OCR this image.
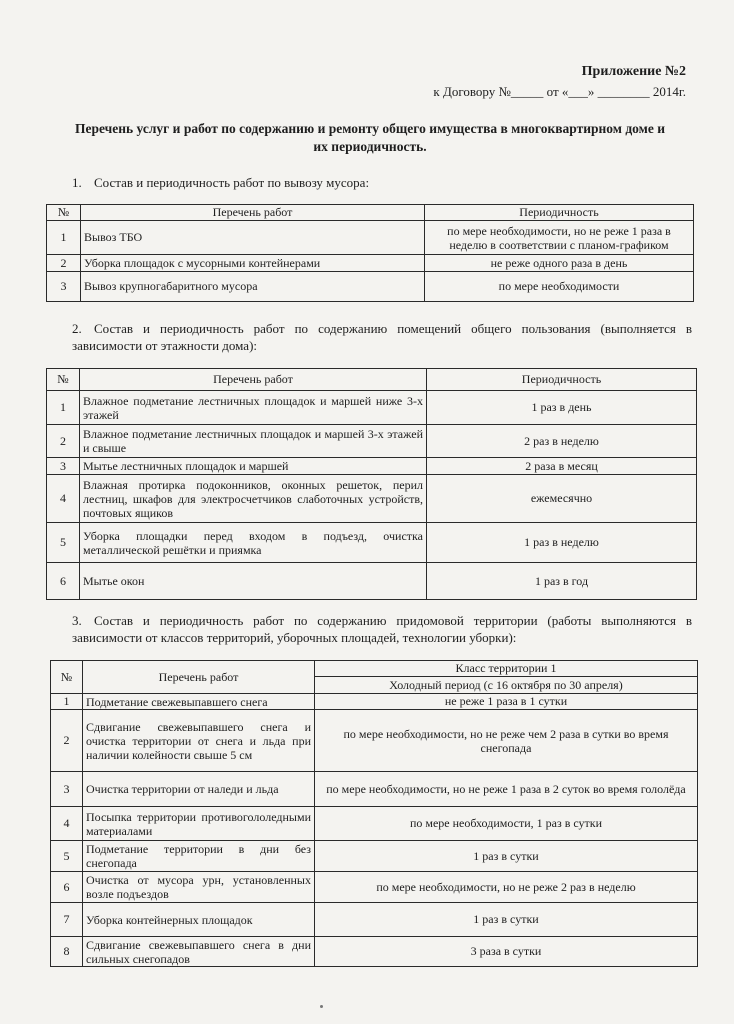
Приложение №2
к Договору №_____ от «___» ________ 2014г.
Перечень услуг и работ по содержанию и ремонту общего имущества в многоквартирном доме и их периодичность.
1. Состав и периодичность работ по вывозу мусора:
№	Перечень работ	Периодичность
1	Вывоз ТБО	по мере необходимости, но не реже 1 раза в неделю в соответствии с планом-графиком
2	Уборка площадок с мусорными контейнерами	не реже одного раза в день
3	Вывоз крупногабаритного мусора	по мере необходимости
2. Состав и периодичность работ по содержанию помещений общего пользования (выполняется в зависимости от этажности дома):
№	Перечень работ	Периодичность
1	Влажное подметание лестничных площадок и маршей ниже 3-х этажей	1 раз в день
2	Влажное подметание лестничных площадок и маршей 3-х этажей и свыше	2 раз в неделю
3	Мытье лестничных площадок и маршей	2 раза в месяц
4	Влажная протирка подоконников, оконных решеток, перил лестниц, шкафов для электросчетчиков слаботочных устройств, почтовых ящиков	ежемесячно
5	Уборка площадки перед входом в подъезд, очистка металлической решётки и приямка	1 раз в неделю
6	Мытье окон	1 раз в год
3. Состав и периодичность работ по содержанию придомовой территории (работы выполняются в зависимости от классов территорий, уборочных площадей, технологии уборки):
№	Перечень работ	Класс территории 1
		Холодный период (с 16 октября по 30 апреля)
1	Подметание свежевыпавшего снега	не реже 1 раза в 1 сутки
2	Сдвигание свежевыпавшего снега и очистка территории от снега и льда при наличии колейности свыше 5 см	по мере необходимости, но не реже чем 2 раза в сутки во время снегопада
3	Очистка территории от наледи и льда	по мере необходимости, но не реже 1 раза в 2 суток во время гололёда
4	Посыпка территории противогололедными материалами	по мере необходимости, 1 раз в сутки
5	Подметание территории в дни без снегопада	1 раз в сутки
6	Очистка от мусора урн, установленных возле подъездов	по мере необходимости, но не реже 2 раз в неделю
7	Уборка контейнерных площадок	1 раз в сутки
8	Сдвигание свежевыпавшего снега в дни сильных снегопадов	3 раза в сутки
